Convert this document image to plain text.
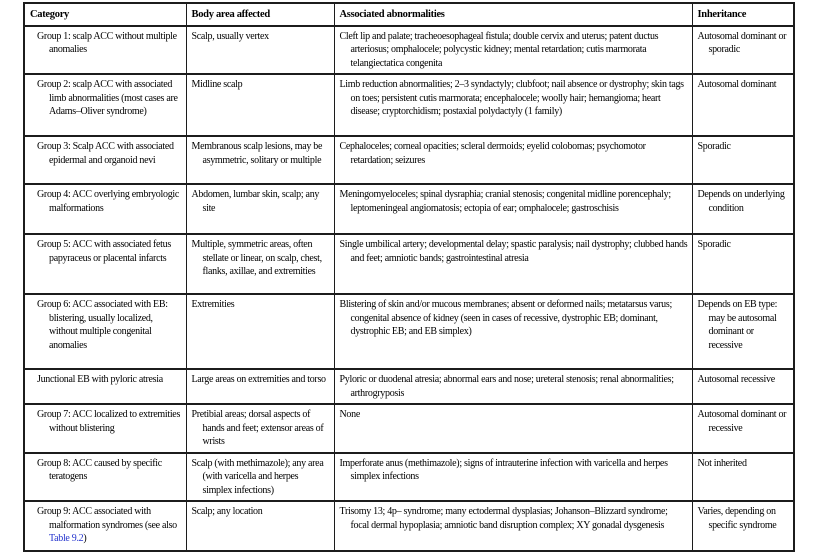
Category	Body area affected	Associated abnormalities	Inheritance
Group 1: scalp ACC without multiple anomalies	Scalp, usually vertex	Cleft lip and palate; tracheoesophageal fistula; double cervix and uterus; patent ductus arteriosus; omphalocele; polycystic kidney; mental retardation; cutis marmorata telangiectatica congenita	Autosomal dominant or sporadic
Group 2: scalp ACC with associated limb abnormalities (most cases are Adams–Oliver syndrome)	Midline scalp	Limb reduction abnormalities; 2–3 syndactyly; clubfoot; nail absence or dystrophy; skin tags on toes; persistent cutis marmorata; encephalocele; woolly hair; hemangioma; heart disease; cryptorchidism; postaxial polydactyly (1 family)	Autosomal dominant
Group 3: Scalp ACC with associated epidermal and organoid nevi	Membranous scalp lesions, may be asymmetric, solitary or multiple	Cephaloceles; corneal opacities; scleral dermoids; eyelid colobomas; psychomotor retardation; seizures	Sporadic
Group 4: ACC overlying embryologic malformations	Abdomen, lumbar skin, scalp; any site	Meningomyeloceles; spinal dysraphia; cranial stenosis; congenital midline porencephaly; leptomeningeal angiomatosis; ectopia of ear; omphalocele; gastroschisis	Depends on underlying condition
Group 5: ACC with associated fetus papyraceus or placental infarcts	Multiple, symmetric areas, often stellate or linear, on scalp, chest, flanks, axillae, and extremities	Single umbilical artery; developmental delay; spastic paralysis; nail dystrophy; clubbed hands and feet; amniotic bands; gastrointestinal atresia	Sporadic
Group 6: ACC associated with EB: blistering, usually localized, without multiple congenital anomalies	Extremities	Blistering of skin and/or mucous membranes; absent or deformed nails; metatarsus varus; congenital absence of kidney (seen in cases of recessive, dystrophic EB; dominant, dystrophic EB; and EB simplex)	Depends on EB type: may be autosomal dominant or recessive
Junctional EB with pyloric atresia	Large areas on extremities and torso	Pyloric or duodenal atresia; abnormal ears and nose; ureteral stenosis; renal abnormalities; arthrogryposis	Autosomal recessive
Group 7: ACC localized to extremities without blistering	Pretibial areas; dorsal aspects of hands and feet; extensor areas of wrists	None	Autosomal dominant or recessive
Group 8: ACC caused by specific teratogens	Scalp (with methimazole); any area (with varicella and herpes simplex infections)	Imperforate anus (methimazole); signs of intrauterine infection with varicella and herpes simplex infections	Not inherited
Group 9: ACC associated with malformation syndromes (see also Table 9.2)	Scalp; any location	Trisomy 13; 4p– syndrome; many ectodermal dysplasias; Johanson–Blizzard syndrome; focal dermal hypoplasia; amniotic band disruption complex; XY gonadal dysgenesis	Varies, depending on specific syndrome
